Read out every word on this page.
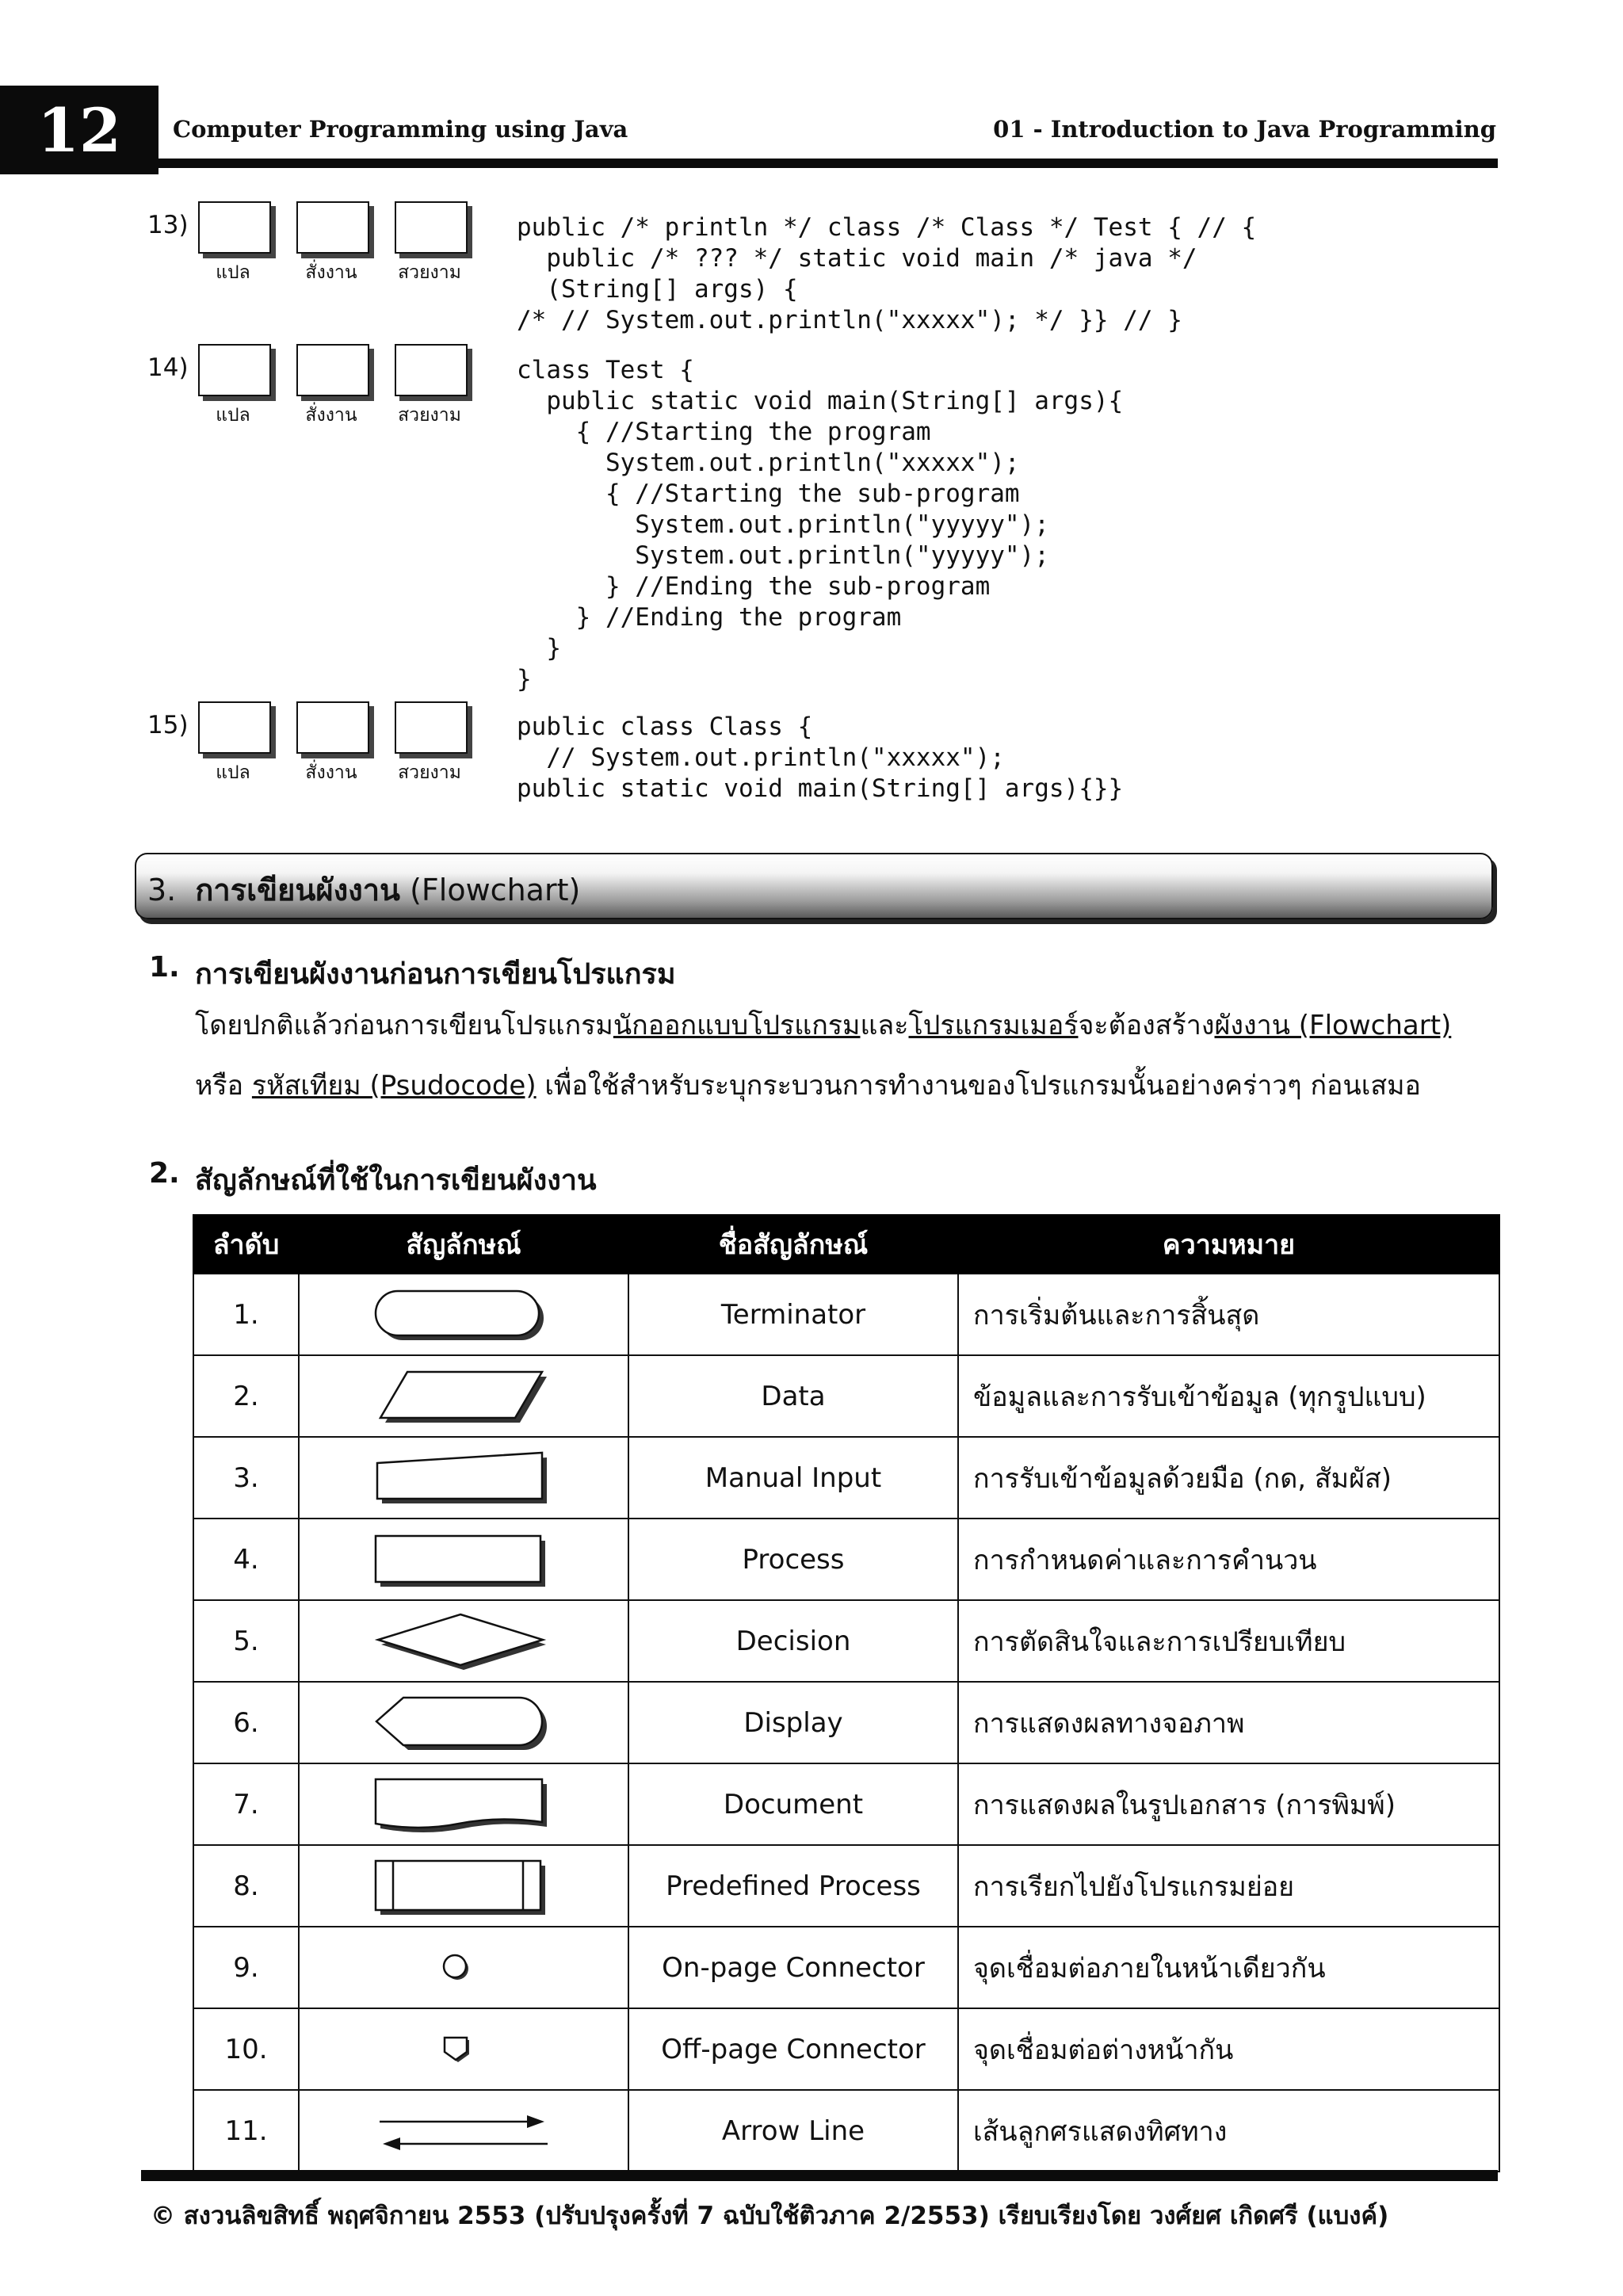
12	Computer Programming using Java	01 - Introduction to Java Programming
13)
แปล	สั่งงาน	สวยงาม
public /* println */ class /* Class */ Test { // {
public /* ??? */ static void main /* java */
(String[] args) {
/* // System.out.println("xxxxx"); */ }} // }
14)
แปล	สั่งงาน	สวยงาม
class Test {
public static void main(String[] args){
{ //Starting the program
System.out.println("xxxxx");
{ //Starting the sub-program
System.out.println("yyyyy");
System.out.println("yyyyy");
} //Ending the sub-program
} //Ending the program
}
}
15)
แปล	สั่งงาน	สวยงาม
public class Class {
// System.out.println("xxxxx");
public static void main(String[] args){}}
3. การเขียนผังงาน (Flowchart)
1. การเขียนผังงานก่อนการเขียนโปรแกรม
โดยปกติแล้วก่อนการเขียนโปรแกรมนักออกแบบโปรแกรมและโปรแกรมเมอร์จะต้องสร้างผังงาน (Flowchart)
หรือ รหัสเทียม (Psudocode) เพื่อใช้สำหรับระบุกระบวนการทำงานของโปรแกรมนั้นอย่างคร่าวๆ ก่อนเสมอ
2. สัญลักษณ์ที่ใช้ในการเขียนผังงาน
ลำดับ	สัญลักษณ์	ชื่อสัญลักษณ์	ความหมาย
1.		Terminator	การเริ่มต้นและการสิ้นสุด
2.		Data	ข้อมูลและการรับเข้าข้อมูล (ทุกรูปแบบ)
3.		Manual Input	การรับเข้าข้อมูลด้วยมือ (กด, สัมผัส)
4.		Process	การกำหนดค่าและการคำนวน
5.		Decision	การตัดสินใจและการเปรียบเทียบ
6.		Display	การแสดงผลทางจอภาพ
7.		Document	การแสดงผลในรูปเอกสาร (การพิมพ์)
8.		Predefined Process	การเรียกไปยังโปรแกรมย่อย
9.		On-page Connector	จุดเชื่อมต่อภายในหน้าเดียวกัน
10.		Off-page Connector	จุดเชื่อมต่อต่างหน้ากัน
11.		Arrow Line	เส้นลูกศรแสดงทิศทาง
© สงวนลิขสิทธิ์ พฤศจิกายน 2553 (ปรับปรุงครั้งที่ 7 ฉบับใช้ติวภาค 2/2553) เรียบเรียงโดย วงศ์ยศ เกิดศรี (แบงค์)
